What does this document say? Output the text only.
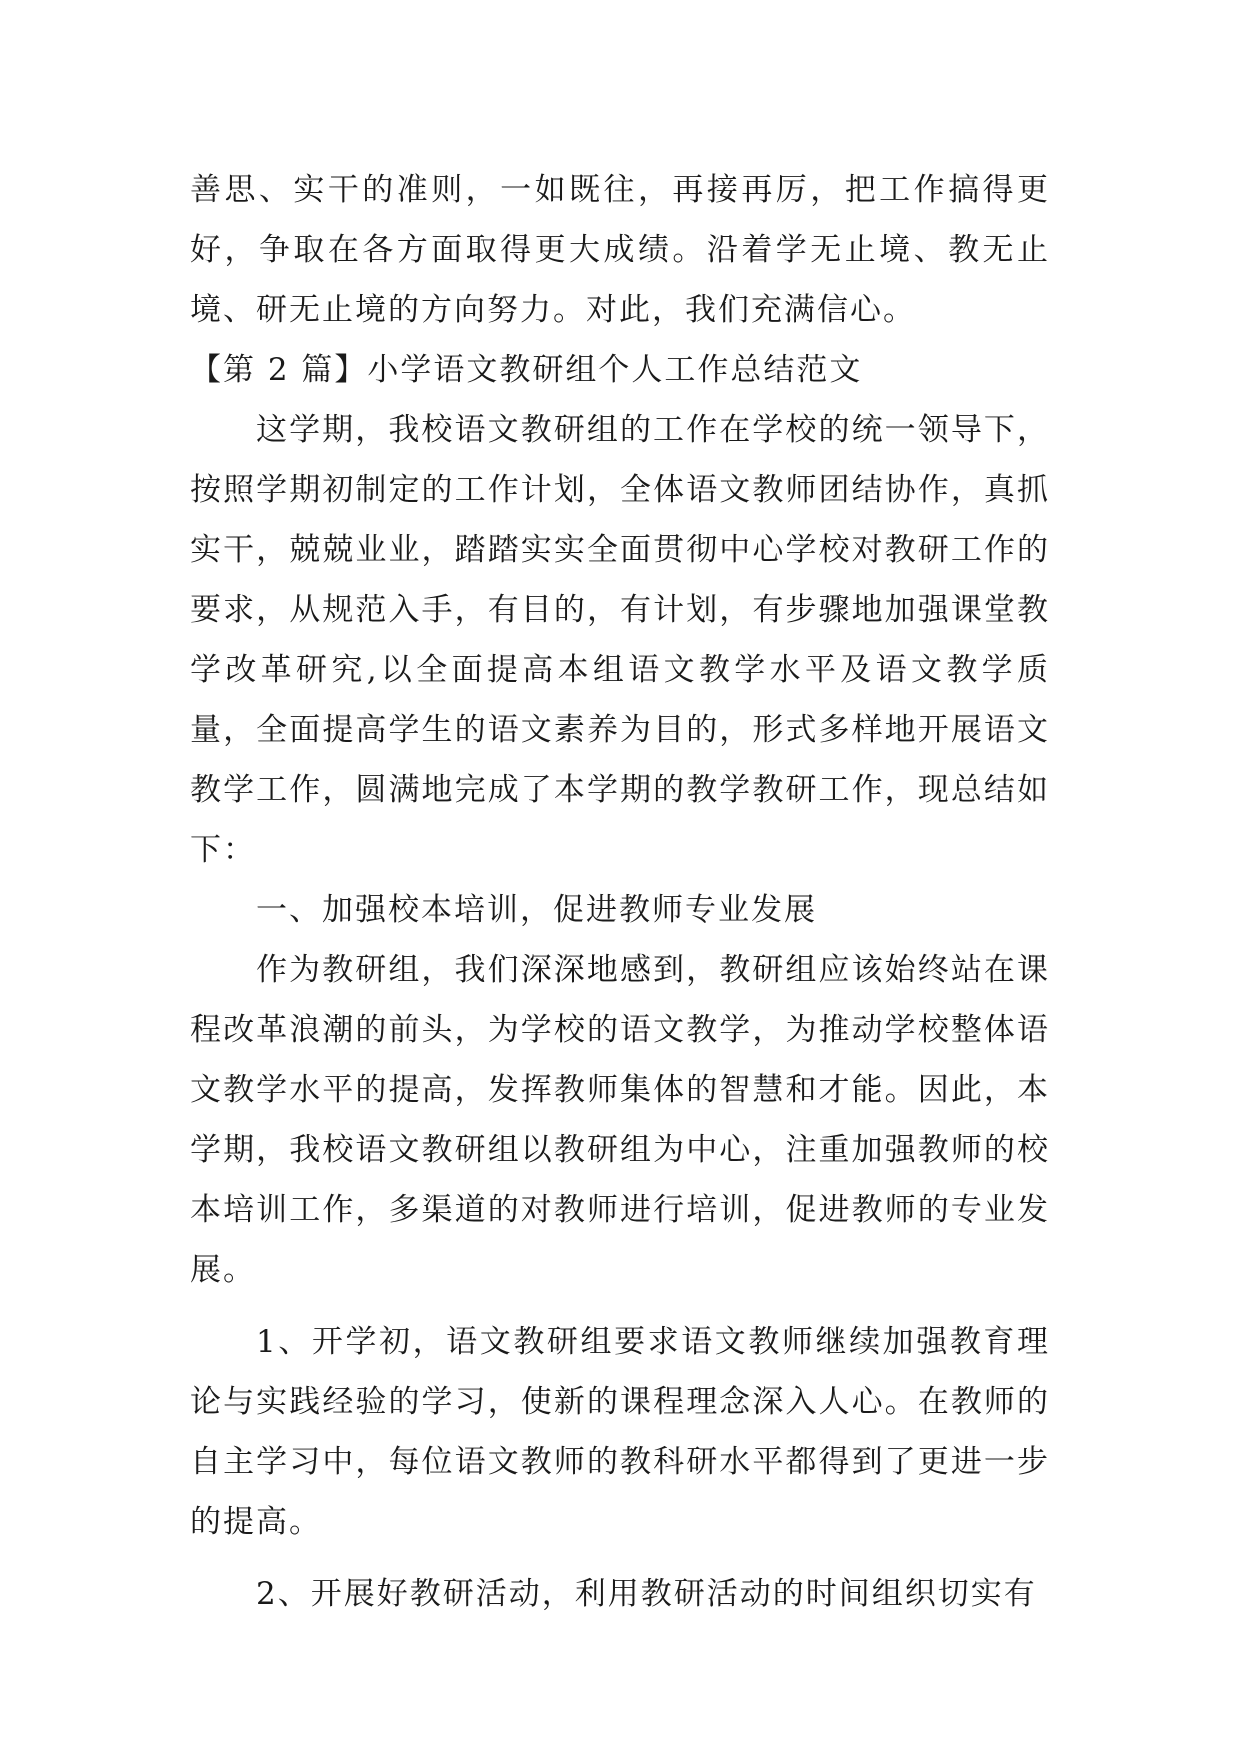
善思、实干的准则，一如既往，再接再厉，把工作搞得更好，争取在各方面取得更大成绩。沿着学无止境、教无止境、研无止境的方向努力。对此，我们充满信心。

【第 2 篇】小学语文教研组个人工作总结范文

这学期，我校语文教研组的工作在学校的统一领导下，按照学期初制定的工作计划，全体语文教师团结协作，真抓实干，兢兢业业，踏踏实实全面贯彻中心学校对教研工作的要求，从规范入手，有目的，有计划，有步骤地加强课堂教学改革研究,以全面提高本组语文教学水平及语文教学质量，全面提高学生的语文素养为目的，形式多样地开展语文教学工作，圆满地完成了本学期的教学教研工作，现总结如下：

一、加强校本培训，促进教师专业发展

作为教研组，我们深深地感到，教研组应该始终站在课程改革浪潮的前头，为学校的语文教学，为推动学校整体语文教学水平的提高，发挥教师集体的智慧和才能。因此，本学期，我校语文教研组以教研组为中心，注重加强教师的校本培训工作，多渠道的对教师进行培训，促进教师的专业发展。

1、开学初，语文教研组要求语文教师继续加强教育理论与实践经验的学习，使新的课程理念深入人心。在教师的自主学习中，每位语文教师的教科研水平都得到了更进一步的提高。

2、开展好教研活动，利用教研活动的时间组织切实有
